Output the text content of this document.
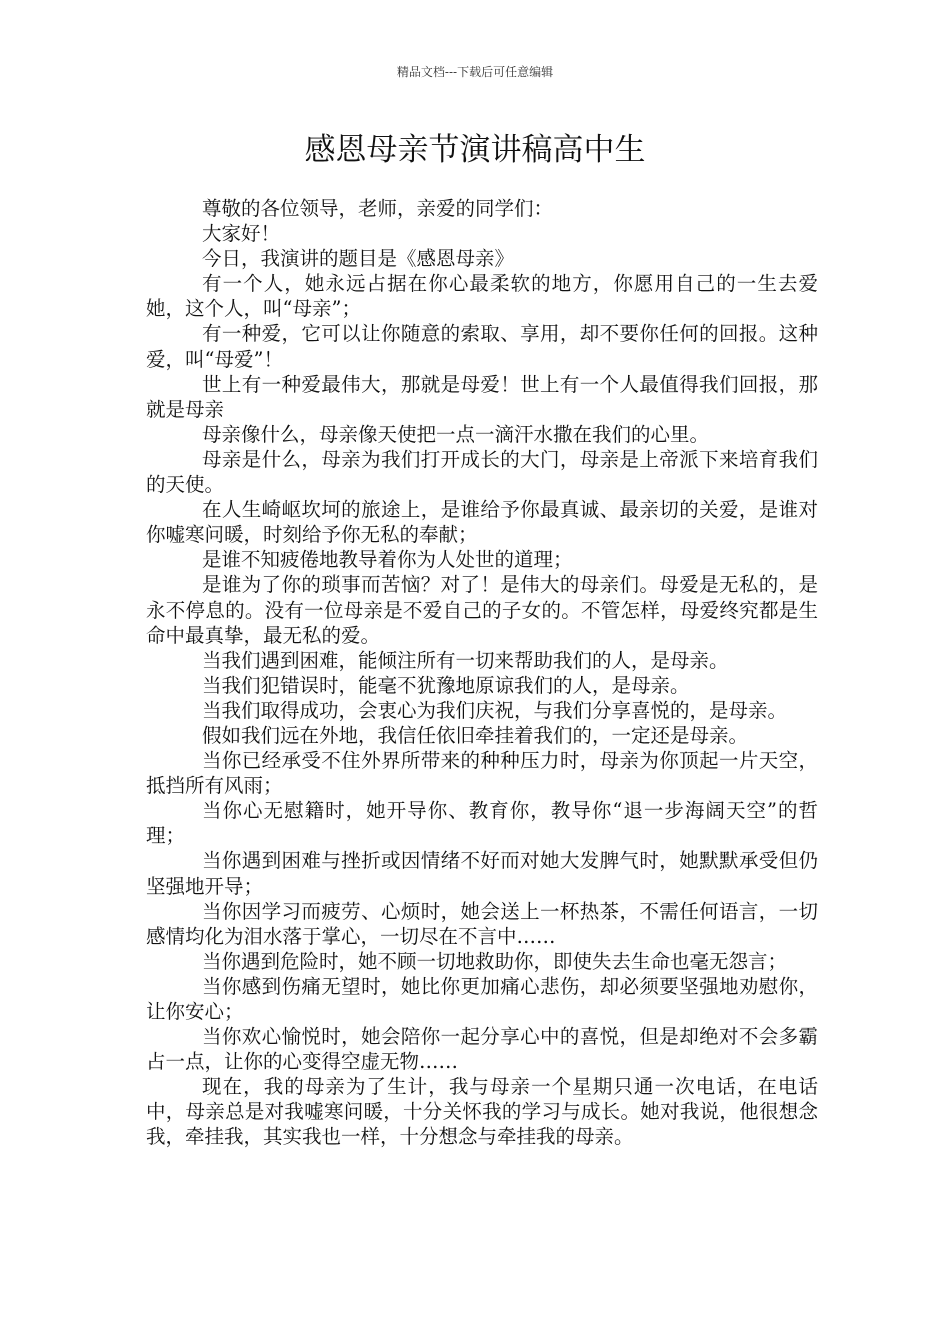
精品文档---下载后可任意编辑
感恩母亲节演讲稿高中生

尊敬的各位领导，老师，亲爱的同学们：

大家好！

今日，我演讲的题目是《感恩母亲》

有一个人，她永远占据在你心最柔软的地方，你愿用自己的一生去爱她，这个人，叫“母亲”；

有一种爱，它可以让你随意的索取、享用，却不要你任何的回报。这种爱，叫“母爱”！

世上有一种爱最伟大，那就是母爱！世上有一个人最值得我们回报，那就是母亲

母亲像什么，母亲像天使把一点一滴汗水撒在我们的心里。

母亲是什么，母亲为我们打开成长的大门，母亲是上帝派下来培育我们的天使。

在人生崎岖坎坷的旅途上，是谁给予你最真诚、最亲切的关爱，是谁对你嘘寒问暖，时刻给予你无私的奉献；

是谁不知疲倦地教导着你为人处世的道理；

是谁为了你的琐事而苦恼？对了！是伟大的母亲们。母爱是无私的，是永不停息的。没有一位母亲是不爱自己的子女的。不管怎样，母爱终究都是生命中最真挚，最无私的爱。

当我们遇到困难，能倾注所有一切来帮助我们的人，是母亲。

当我们犯错误时，能毫不犹豫地原谅我们的人，是母亲。

当我们取得成功，会衷心为我们庆祝，与我们分享喜悦的，是母亲。

假如我们远在外地，我信任依旧牵挂着我们的，一定还是母亲。

当你已经承受不住外界所带来的种种压力时，母亲为你顶起一片天空，抵挡所有风雨；

当你心无慰籍时，她开导你、教育你，教导你“退一步海阔天空”的哲理；

当你遇到困难与挫折或因情绪不好而对她大发脾气时，她默默承受但仍坚强地开导；

当你因学习而疲劳、心烦时，她会送上一杯热茶，不需任何语言，一切感情均化为泪水落于掌心，一切尽在不言中……

当你遇到危险时，她不顾一切地救助你，即使失去生命也毫无怨言；

当你感到伤痛无望时，她比你更加痛心悲伤，却必须要坚强地劝慰你，让你安心；

当你欢心愉悦时，她会陪你一起分享心中的喜悦，但是却绝对不会多霸占一点，让你的心变得空虚无物……

现在，我的母亲为了生计，我与母亲一个星期只通一次电话，在电话中，母亲总是对我嘘寒问暖，十分关怀我的学习与成长。她对我说，他很想念我，牵挂我，其实我也一样，十分想念与牵挂我的母亲。
